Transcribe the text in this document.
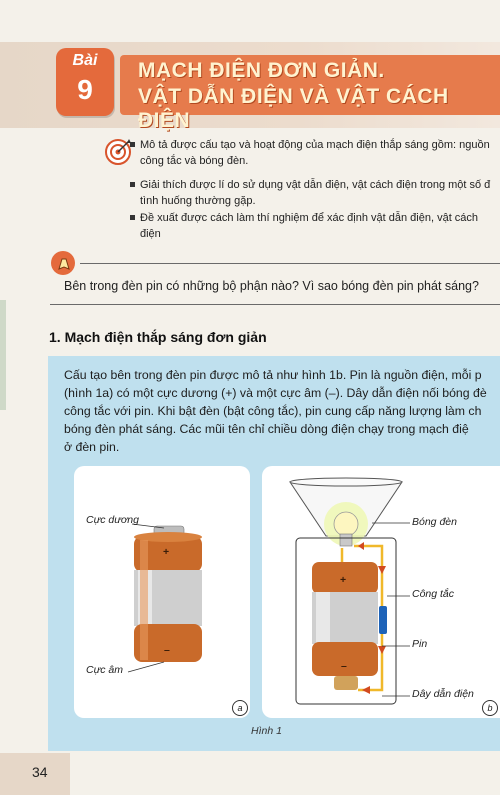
Bài
9
MẠCH ĐIỆN ĐƠN GIẢN.
VẬT DẪN ĐIỆN VÀ VẬT CÁCH ĐIỆN
Mô tả được cấu tạo và hoạt động của mạch điện thắp sáng gồm: nguồn
công tắc và bóng đèn.
Giải thích được lí do sử dụng vật dẫn điện, vật cách điện trong một số đ
tình huống thường gặp.
Đề xuất được cách làm thí nghiệm để xác định vật dẫn điện, vật cách điện
Bên trong đèn pin có những bộ phận nào? Vì sao bóng đèn pin phát sáng?
1. Mạch điện thắp sáng đơn giản
Cấu tạo bên trong đèn pin được mô tả như hình 1b. Pin là nguồn điện, mỗi p
(hình 1a) có một cực dương (+) và một cực âm (–). Dây dẫn điện nối bóng đè
công tắc với pin. Khi bật đèn (bật công tắc), pin cung cấp năng lượng làm ch
bóng đèn phát sáng. Các mũi tên chỉ chiều dòng điện chạy trong mạch điệ
ở đèn pin.
Cực dương
Cực âm
+
–
a
Bóng đèn
Công tắc
Pin
Dây dẫn điện
+
–
b
Hình 1
34
